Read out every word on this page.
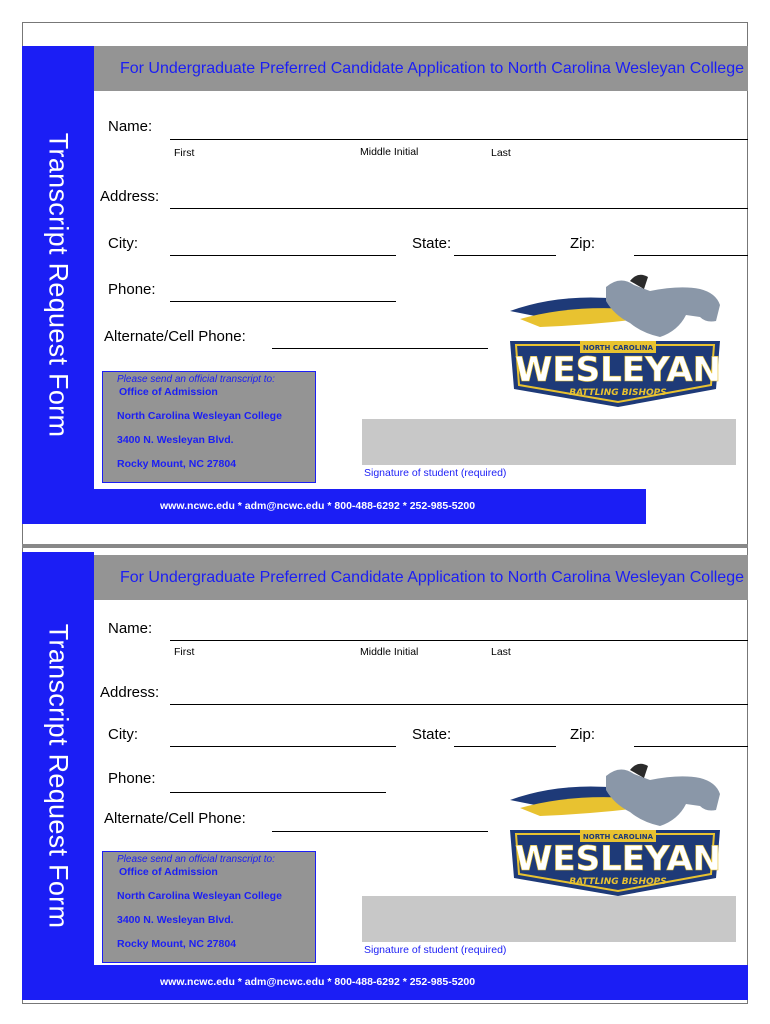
Transcript Request Form
For Undergraduate Preferred Candidate Application to North Carolina Wesleyan College
Name:
First	Middle Initial	Last
Address:
City:	State:	Zip:
Phone:
Alternate/Cell Phone:
Please send an official transcript to:
Office of Admission
North Carolina Wesleyan College
3400 N. Wesleyan Blvd.
Rocky Mount, NC 27804
NORTH CAROLINA
WESLEYAN
BATTLING BISHOPS
Signature of student (required)
www.ncwc.edu * adm@ncwc.edu * 800-488-6292 * 252-985-5200
Transcript Request Form
For Undergraduate Preferred Candidate Application to North Carolina Wesleyan College
Name:
First	Middle Initial	Last
Address:
City:	State:	Zip:
Phone:
Alternate/Cell Phone:
Please send an official transcript to:
Office of Admission
North Carolina Wesleyan College
3400 N. Wesleyan Blvd.
Rocky Mount, NC 27804
NORTH CAROLINA
WESLEYAN
BATTLING BISHOPS
Signature of student (required)
www.ncwc.edu * adm@ncwc.edu * 800-488-6292 * 252-985-5200
